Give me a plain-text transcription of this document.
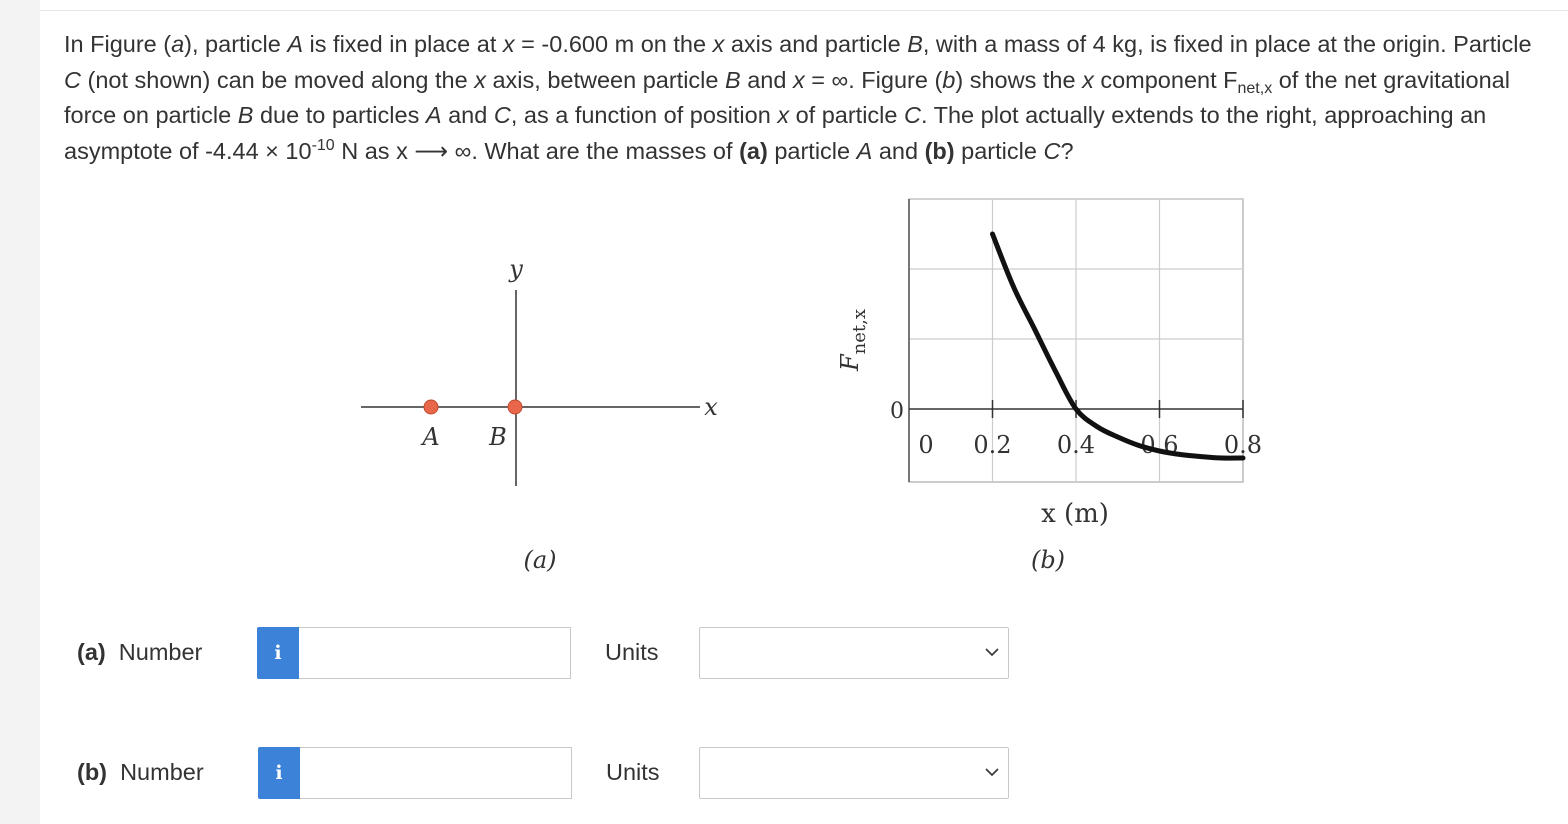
In Figure (a), particle A is fixed in place at x = -0.600 m on the x axis and particle B, with a mass of 4 kg, is fixed in place at the origin. Particle C (not shown) can be moved along the x axis, between particle B and x = ∞. Figure (b) shows the x component $F_{net,x}$ of the net gravitational force on particle B due to particles A and C, as a function of position x of particle C. The plot actually extends to the right, approaching an asymptote of $-4.44 \times 10^{-10}$ N as x ⟶ ∞. What are the masses of (a) particle A and (b) particle C?
y
x
A B
(a)
0 0.2 0.4 0.6 0.8
0
$F_{net,x}$
x (m)
(b)
(a) Number	i	Units
(b) Number	i	Units
